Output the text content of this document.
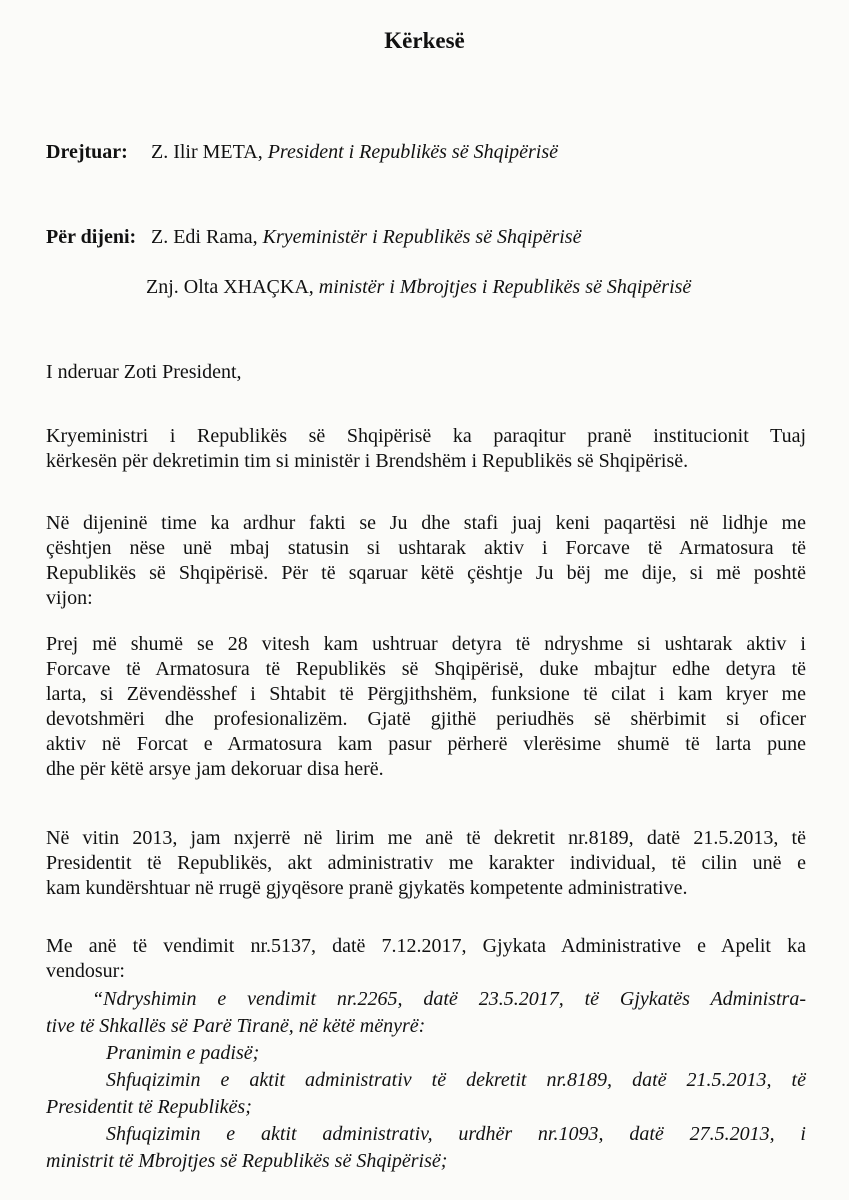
Kërkesë
Drejtuar: Z. Ilir META, President i Republikës së Shqipërisë
Për dijeni: Z. Edi Rama, Kryeministër i Republikës së Shqipërisë
Znj. Olta XHAÇKA, ministër i Mbrojtjes i Republikës së Shqipërisë
I nderuar Zoti President,
Kryeministri i Republikës së Shqipërisë ka paraqitur pranë institucionit Tuaj
kërkesën për dekretimin tim si ministër i Brendshëm i Republikës së Shqipërisë.
Në dijeninë time ka ardhur fakti se Ju dhe stafi juaj keni paqartësi në lidhje me
çështjen nëse unë mbaj statusin si ushtarak aktiv i Forcave të Armatosura të
Republikës së Shqipërisë. Për të sqaruar këtë çështje Ju bëj me dije, si më poshtë
vijon:
Prej më shumë se 28 vitesh kam ushtruar detyra të ndryshme si ushtarak aktiv i
Forcave të Armatosura të Republikës së Shqipërisë, duke mbajtur edhe detyra të
larta, si Zëvendësshef i Shtabit të Përgjithshëm, funksione të cilat i kam kryer me
devotshmëri dhe profesionalizëm. Gjatë gjithë periudhës së shërbimit si oficer
aktiv në Forcat e Armatosura kam pasur përherë vlerësime shumë të larta pune
dhe për këtë arsye jam dekoruar disa herë.
Në vitin 2013, jam nxjerrë në lirim me anë të dekretit nr.8189, datë 21.5.2013, të
Presidentit të Republikës, akt administrativ me karakter individual, të cilin unë e
kam kundërshtuar në rrugë gjyqësore pranë gjykatës kompetente administrative.
Me anë të vendimit nr.5137, datë 7.12.2017, Gjykata Administrative e Apelit ka
vendosur:
“Ndryshimin e vendimit nr.2265, datë 23.5.2017, të Gjykatës Administra-
tive të Shkallës së Parë Tiranë, në këtë mënyrë:
Pranimin e padisë;
Shfuqizimin e aktit administrativ të dekretit nr.8189, datë 21.5.2013, të
Presidentit të Republikës;
Shfuqizimin e aktit administrativ, urdhër nr.1093, datë 27.5.2013, i
ministrit të Mbrojtjes së Republikës së Shqipërisë;
